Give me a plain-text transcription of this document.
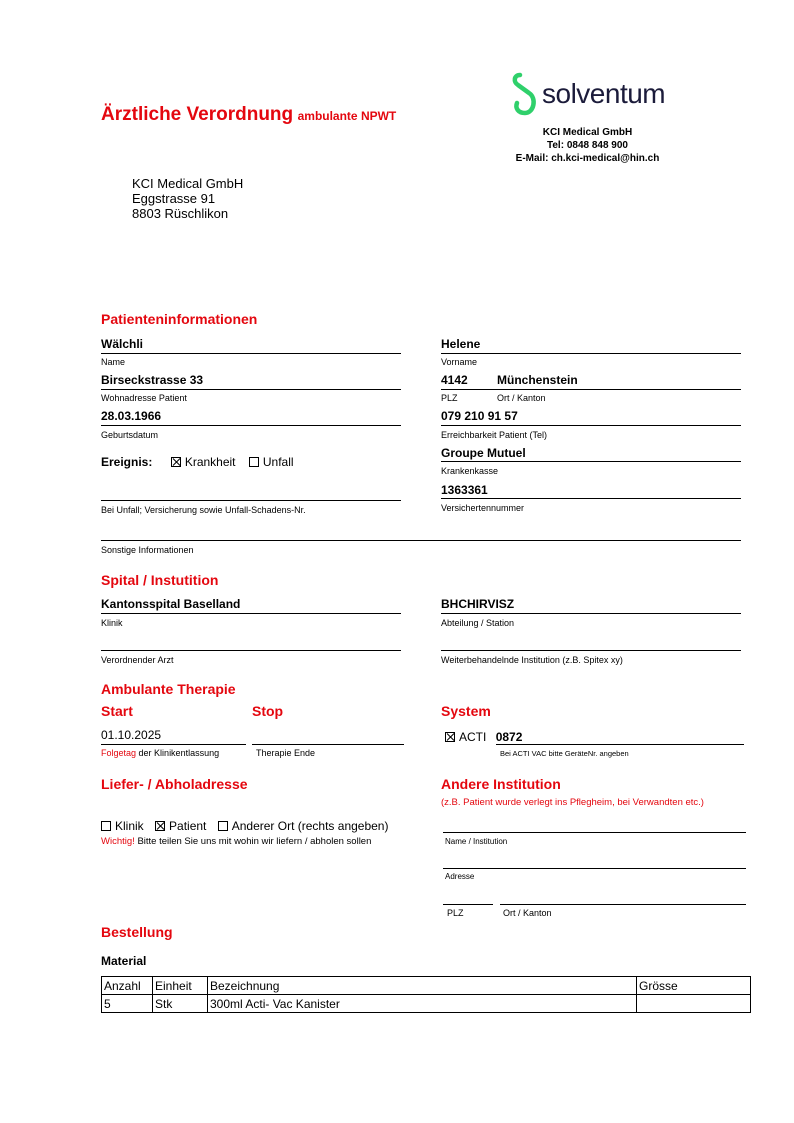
Ärztliche Verordnung ambulante NPWT
solventum
KCI Medical GmbH
Tel: 0848 848 900
E-Mail: ch.kci-medical@hin.ch
KCI Medical GmbH
Eggstrasse 91
8803 Rüschlikon
Patienteninformationen
Wälchli
Name
Helene
Vorname
Birseckstrasse 33
Wohnadresse Patient
4142 Münchenstein
PLZ	Ort / Kanton
28.03.1966
Geburtsdatum
079 210 91 57
Erreichbarkeit Patient (Tel)
Ereignis:	Krankheit Unfall
Groupe Mutuel
Krankenkasse
1363361
Versichertennummer
Bei Unfall; Versicherung sowie Unfall-Schadens-Nr.
Sonstige Informationen
Spital / Instutition
Kantonsspital Baselland
Klinik
BHCHIRVISZ
Abteilung / Station
Verordnender Arzt	Weiterbehandelnde Institution (z.B. Spitex xy)
Ambulante Therapie
Start	Stop	System
01.10.2025
Folgetag der Klinikentlassung	Therapie Ende
ACTI 0872
Bei ACTI VAC bitte GeräteNr. angeben
Liefer- / Abholadresse
Klinik Patient Anderer Ort (rechts angeben)
Wichtig! Bitte teilen Sie uns mit wohin wir liefern / abholen sollen
Andere Institution
(z.B. Patient wurde verlegt ins Pflegheim, bei Verwandten etc.)
Name / Institution
Adresse
PLZ	Ort / Kanton
Bestellung
Material
Anzahl	Einheit	Bezeichnung	Grösse
5	Stk	300ml Acti- Vac Kanister	
